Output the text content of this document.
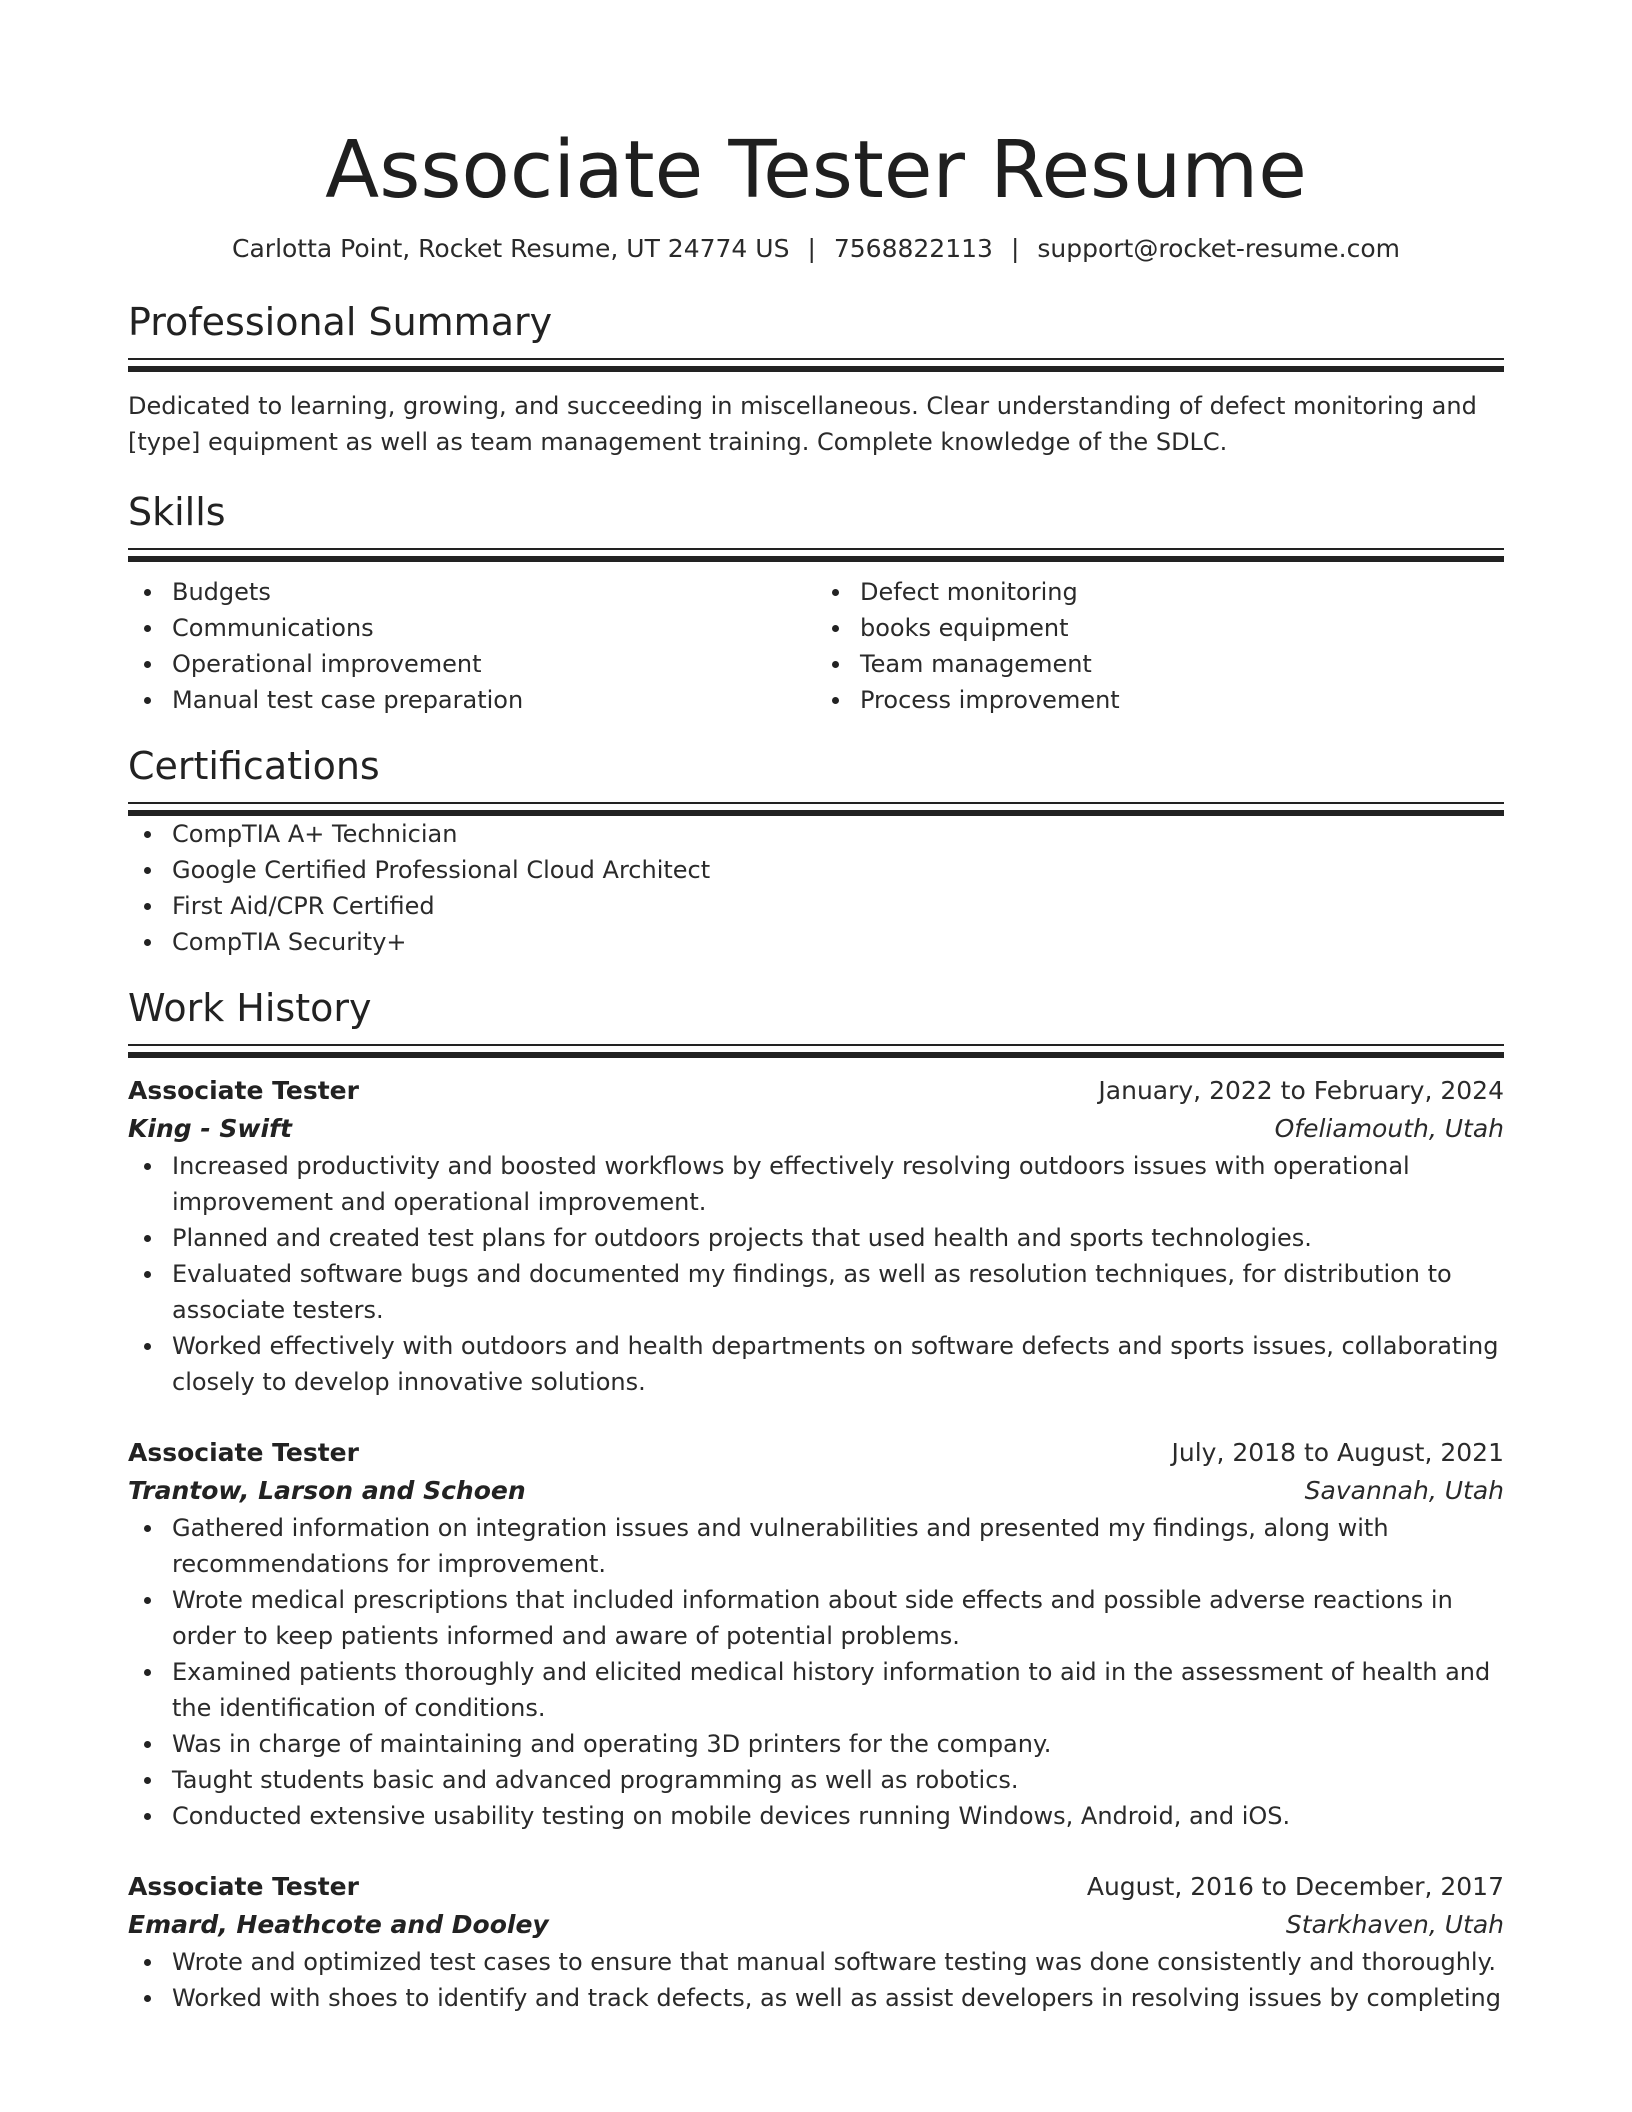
Associate Tester Resume
Carlotta Point, Rocket Resume, UT 24774 US | 7568822113 | support@rocket-resume.com
Professional Summary

Dedicated to learning, growing, and succeeding in miscellaneous. Clear understanding of defect monitoring and [type] equipment as well as team management training. Complete knowledge of the SDLC.

Skills
Budgets
Communications
Operational improvement
Manual test case preparation
Defect monitoring
books equipment
Team management
Process improvement
Certifications
CompTIA A+ Technician
Google Certified Professional Cloud Architect
First Aid/CPR Certified
CompTIA Security+
Work History
Associate Tester	January, 2022 to February, 2024
King - Swift	Ofeliamouth, Utah
Increased productivity and boosted workflows by effectively resolving outdoors issues with operational improvement and operational improvement.
Planned and created test plans for outdoors projects that used health and sports technologies.
Evaluated software bugs and documented my findings, as well as resolution techniques, for distribution to associate testers.
Worked effectively with outdoors and health departments on software defects and sports issues, collaborating closely to develop innovative solutions.
Associate Tester	July, 2018 to August, 2021
Trantow, Larson and Schoen	Savannah, Utah
Gathered information on integration issues and vulnerabilities and presented my findings, along with recommendations for improvement.
Wrote medical prescriptions that included information about side effects and possible adverse reactions in order to keep patients informed and aware of potential problems.
Examined patients thoroughly and elicited medical history information to aid in the assessment of health and the identification of conditions.
Was in charge of maintaining and operating 3D printers for the company.
Taught students basic and advanced programming as well as robotics.
Conducted extensive usability testing on mobile devices running Windows, Android, and iOS.
Associate Tester	August, 2016 to December, 2017
Emard, Heathcote and Dooley	Starkhaven, Utah
Wrote and optimized test cases to ensure that manual software testing was done consistently and thoroughly.
Worked with shoes to identify and track defects, as well as assist developers in resolving issues by completing
